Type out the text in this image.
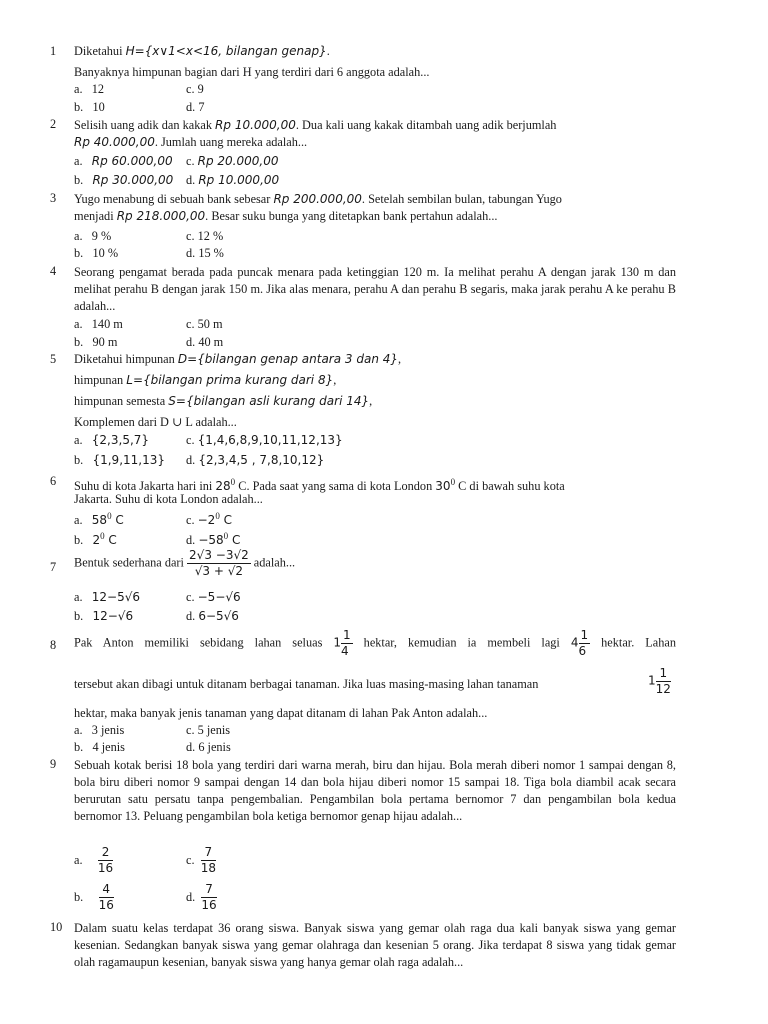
1 Diketahui H={x∨1<x<16, bilangan genap}.
Banyaknya himpunan bagian dari H yang terdiri dari 6 anggota adalah...
a. 12
b. 10
c. 9
d. 7
2 Selisih uang adik dan kakak Rp 10.000,00. Dua kali uang kakak ditambah uang adik berjumlah
Rp 40.000,00. Jumlah uang mereka adalah...
a. Rp 60.000,00
b. Rp 30.000,00
c. Rp 20.000,00
d. Rp 10.000,00
3 Yugo menabung di sebuah bank sebesar Rp 200.000,00. Setelah sembilan bulan, tabungan Yugo
menjadi Rp 218.000,00. Besar suku bunga yang ditetapkan bank pertahun adalah...
a. 9 %
b. 10 %
c. 12 %
d. 15 %
4 Seorang pengamat berada pada puncak menara pada ketinggian 120 m. Ia melihat perahu A dengan jarak 130 m dan melihat perahu B dengan jarak 150 m. Jika alas menara, perahu A dan perahu B segaris, maka jarak perahu A ke perahu B adalah...
a. 140 m
b. 90 m
c. 50 m
d. 40 m
5 Diketahui himpunan D={bilangan genap antara 3 dan 4},
himpunan L={bilangan prima kurang dari 8},
himpunan semesta S={bilangan asli kurang dari 14},
Komplemen dari D ∪ L adalah...
a. {2,3,5,7}
b. {1,9,11,13}
c. {1,4,6,8,9,10,11,12,13}
d. {2,3,4,5 , 7,8,10,12}
6 Suhu di kota Jakarta hari ini $28^0$ C. Pada saat yang sama di kota London $30^0$ C di bawah suhu kota
Jakarta. Suhu di kota London adalah...
a. $58^0$ C
b. $2^0$ C
c. $-2^0$ C
d. $-58^0$ C
7 Bentuk sederhana dari $\frac{2√3 -3√2}{√3 + √2}$ adalah...
a. 12−5√6
b. 12−√6
c. −5−√6
d. 6−5√6
8 Pak Anton memiliki sebidang lahan seluas $1 \frac{1}{4}$ hektar, kemudian ia membeli lagi $4 \frac{1}{6}$ hektar. Lahan
tersebut akan dibagi untuk ditanam berbagai tanaman. Jika luas masing-masing lahan tanaman	$1 \frac{1}{12}$
hektar, maka banyak jenis tanaman yang dapat ditanam di lahan Pak Anton adalah...
a. 3 jenis
b. 4 jenis
c. 5 jenis
d. 6 jenis
9 Sebuah kotak berisi 18 bola yang terdiri dari warna merah, biru dan hijau. Bola merah diberi nomor 1 sampai dengan 8, bola biru diberi nomor 9 sampai dengan 14 dan bola hijau diberi nomor 15 sampai 18. Tiga bola diambil acak secara berurutan satu persatu tanpa pengembalian. Pengambilan bola pertama bernomor 7 dan pengambilan bola kedua bernomor 13. Peluang pengambilan bola ketiga bernomor genap hijau adalah...
a. $\frac{2}{16}$
b. $\frac{4}{16}$
c. $\frac{7}{18}$
d. $\frac{7}{16}$
10 Dalam suatu kelas terdapat 36 orang siswa. Banyak siswa yang gemar olah raga dua kali banyak siswa yang gemar kesenian. Sedangkan banyak siswa yang gemar olahraga dan kesenian 5 orang. Jika terdapat 8 siswa yang tidak gemar olah ragamaupun kesenian, banyak siswa yang hanya gemar olah raga adalah...
